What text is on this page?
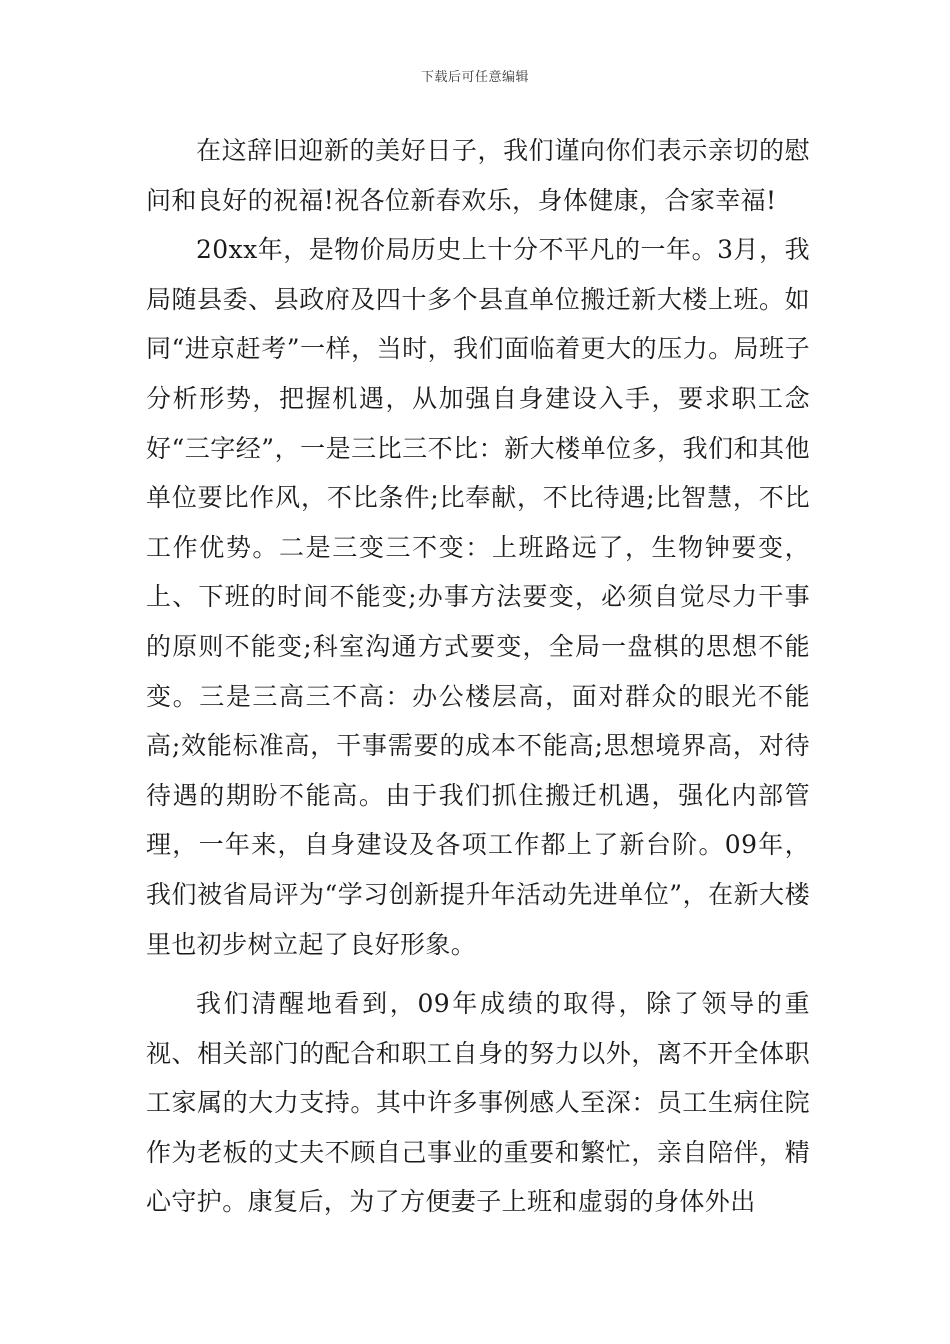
下载后可任意编辑

在这辞旧迎新的美好日子，我们谨向你们表示亲切的慰问和良好的祝福!祝各位新春欢乐，身体健康，合家幸福!

20xx年，是物价局历史上十分不平凡的一年。3月，我局随县委、县政府及四十多个县直单位搬迁新大楼上班。如同“进京赶考”一样，当时，我们面临着更大的压力。局班子分析形势，把握机遇，从加强自身建设入手，要求职工念好“三字经”，一是三比三不比：新大楼单位多，我们和其他单位要比作风，不比条件;比奉献，不比待遇;比智慧，不比工作优势。二是三变三不变：上班路远了，生物钟要变，上、下班的时间不能变;办事方法要变，必须自觉尽力干事的原则不能变;科室沟通方式要变，全局一盘棋的思想不能变。三是三高三不高：办公楼层高，面对群众的眼光不能高;效能标准高，干事需要的成本不能高;思想境界高，对待待遇的期盼不能高。由于我们抓住搬迁机遇，强化内部管理，一年来，自身建设及各项工作都上了新台阶。09年，我们被省局评为“学习创新提升年活动先进单位”，在新大楼里也初步树立起了良好形象。

我们清醒地看到，09年成绩的取得，除了领导的重视、相关部门的配合和职工自身的努力以外，离不开全体职工家属的大力支持。其中许多事例感人至深：员工生病住院作为老板的丈夫不顾自己事业的重要和繁忙，亲自陪伴，精心守护。康复后，为了方便妻子上班和虚弱的身体外出
